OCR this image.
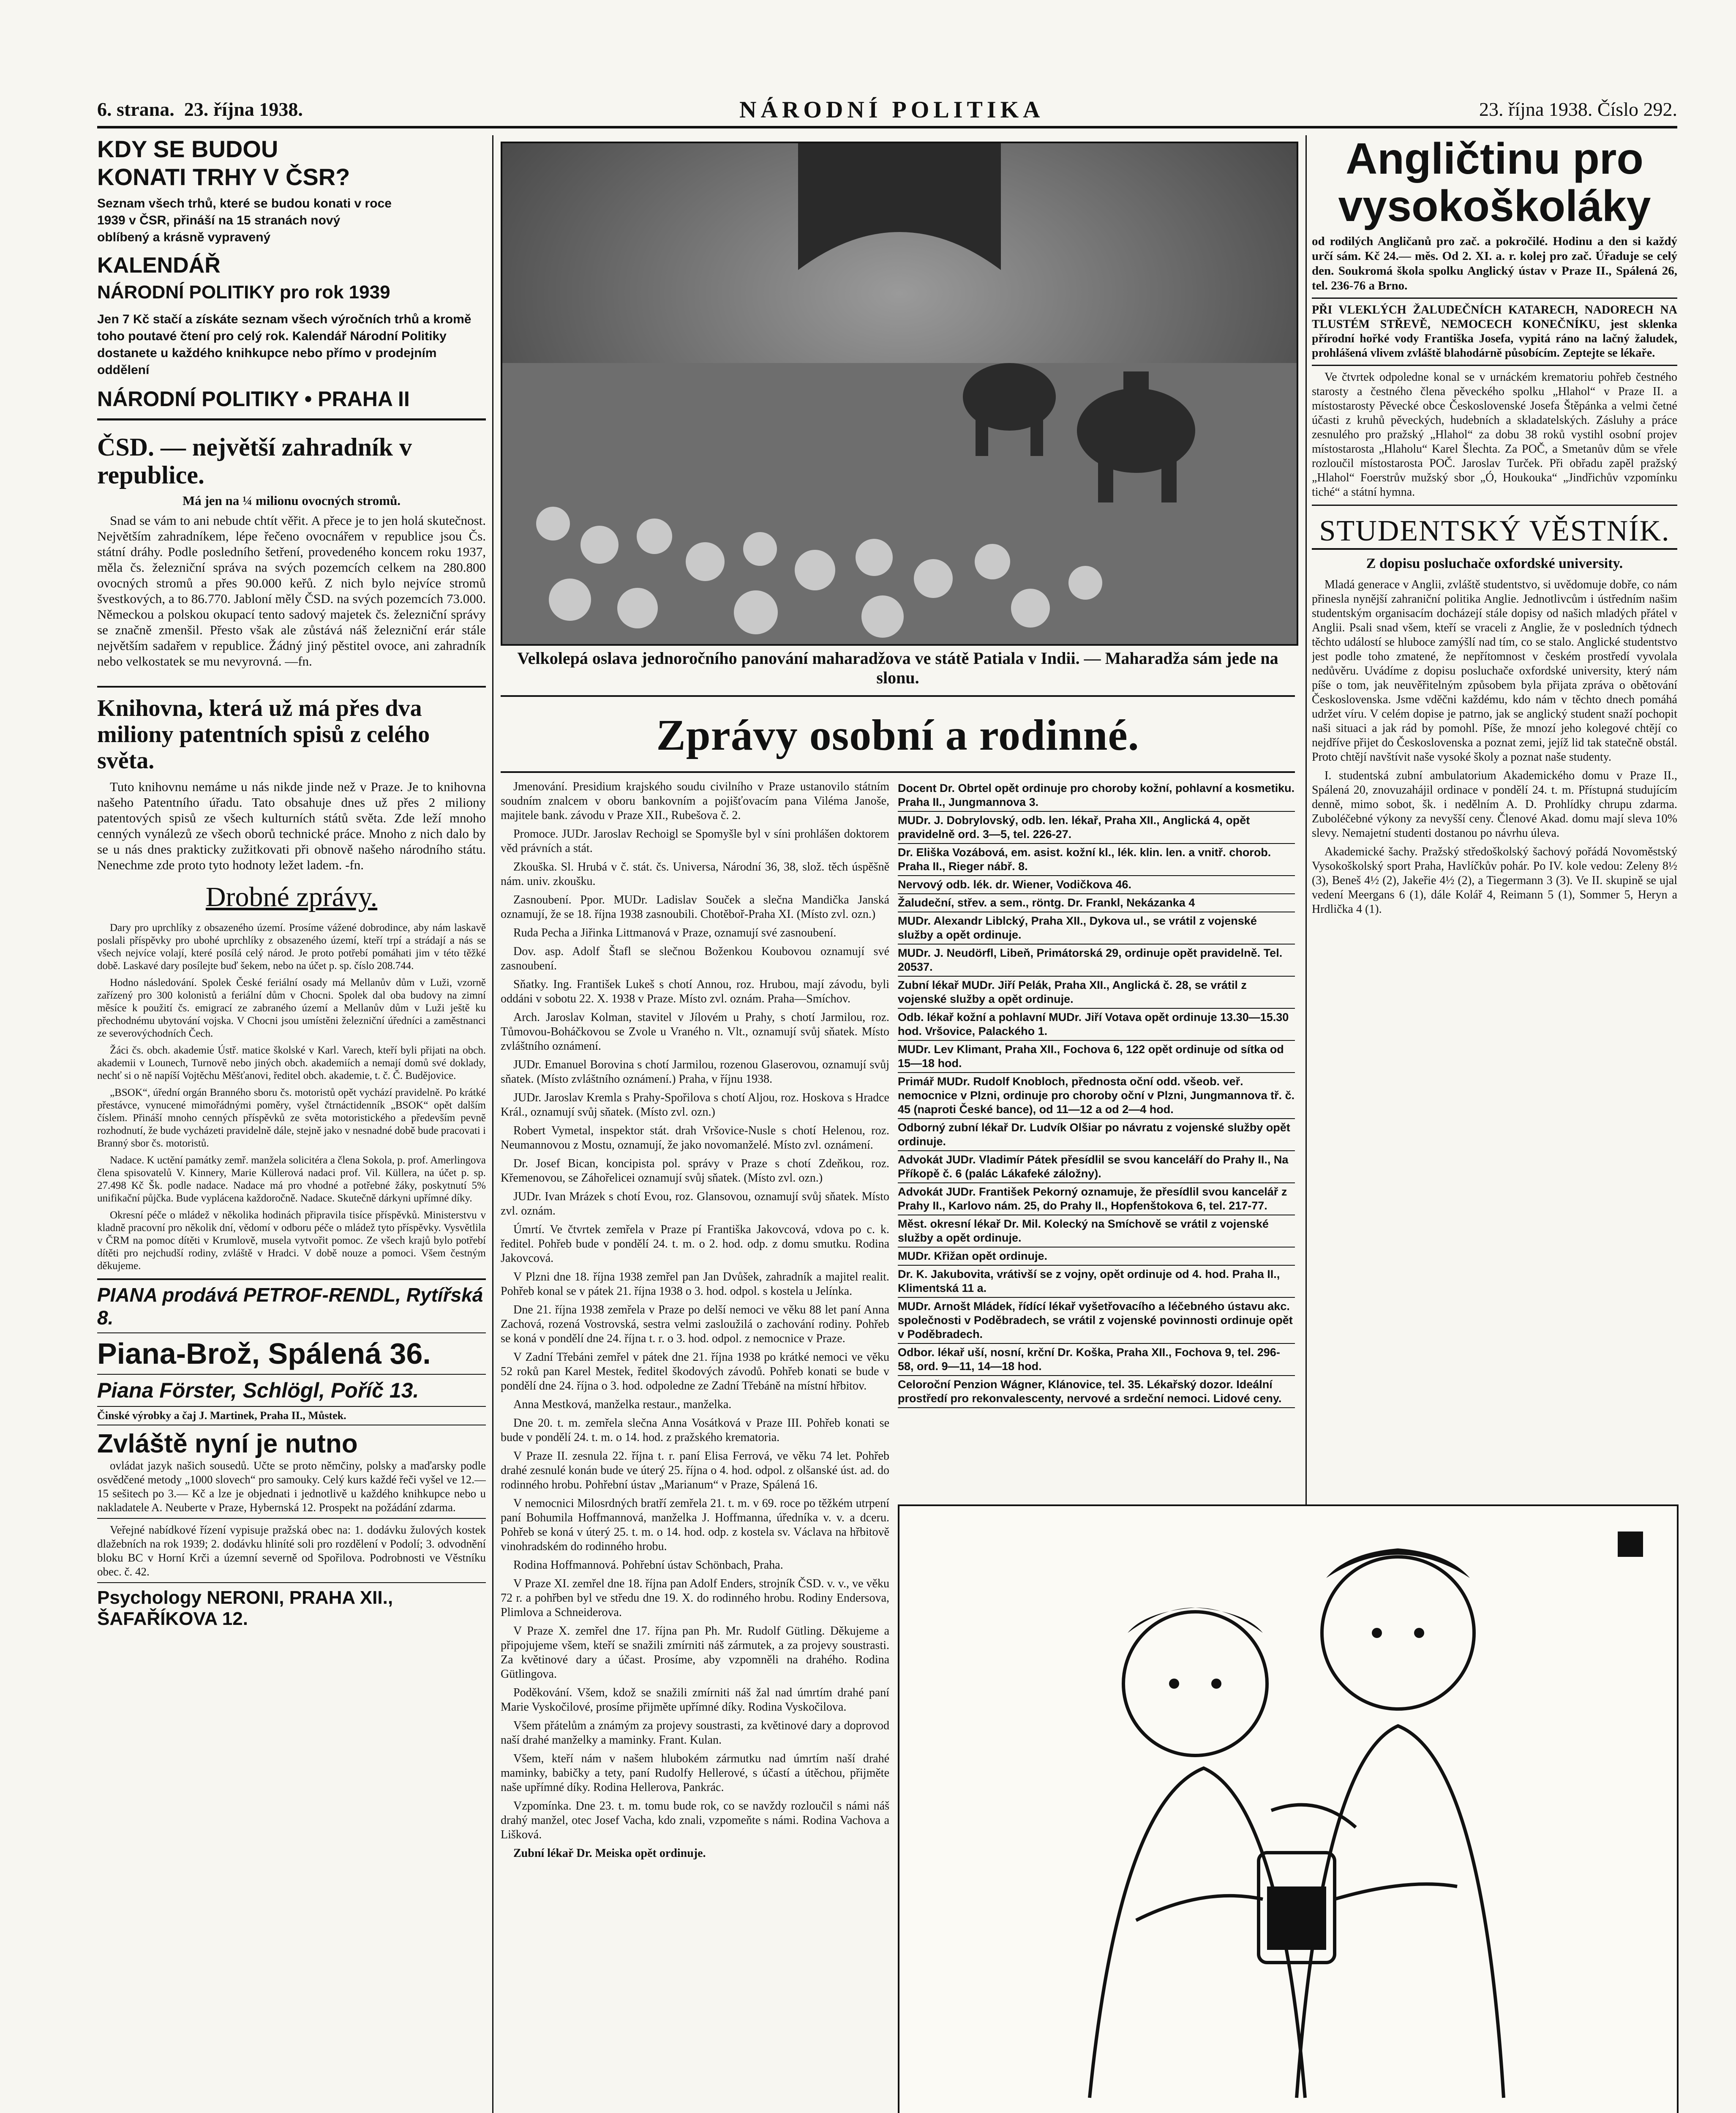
6. strana. 23. října 1938.	NÁRODNÍ POLITIKA	23. října 1938. Číslo 292.
KDY SE BUDOU
KONATI TRHY V ČSR?
Seznam všech trhů, které se budou konati v roce 1939 v ČSR, přináší na 15 stranách nový oblíbený a krásně vypravený
KALENDÁŘ
NÁRODNÍ POLITIKY pro rok 1939
Jen 7 Kč stačí a získáte seznam všech výročních trhů a kromě toho poutavé čtení pro celý rok. Kalendář Národní Politiky dostanete u každého knihkupce nebo přímo v prodejním oddělení
NÁRODNÍ POLITIKY • PRAHA II
ČSD. — největší zahradník v republice.
Má jen na ¼ milionu ovocných stromů.

Snad se vám to ani nebude chtít věřit. A přece je to jen holá skutečnost. Největším zahradníkem, lépe řečeno ovocnářem v republice jsou Čs. státní dráhy. Podle posledního šetření, provedeného koncem roku 1937, měla čs. železniční správa na svých pozemcích celkem na 280.800 ovocných stromů a přes 90.000 keřů. Z nich bylo nejvíce stromů švestkových, a to 86.770. Jabloní měly ČSD. na svých pozemcích 73.000. Německou a polskou okupací tento sadový majetek čs. železniční správy se značně zmenšil. Přesto však ale zůstává náš železniční erár stále největším sadařem v republice. Žádný jiný pěstitel ovoce, ani zahradník nebo velkostatek se mu nevyrovná. —fn.

Knihovna, která už má přes dva miliony patentních spisů z celého světa.

Tuto knihovnu nemáme u nás nikde jinde než v Praze. Je to knihovna našeho Patentního úřadu. Tato obsahuje dnes už přes 2 miliony patentových spisů ze všech kulturních států světa. Zde leží mnoho cenných vynálezů ze všech oborů technické práce. Mnoho z nich dalo by se u nás dnes prakticky zužitkovati při obnově našeho národního státu. Nenechme zde proto tyto hodnoty ležet ladem. -fn.

Drobné zprávy.

Dary pro uprchlíky z obsazeného území. Prosíme vážené dobrodince, aby nám laskavě poslali příspěvky pro ubohé uprchlíky z obsazeného území, kteří trpí a strádají a nás se všech nejvíce volají, které posílá celý národ. Je proto potřebí pomáhati jim v této těžké době. Laskavé dary posílejte buď šekem, nebo na účet p. sp. číslo 208.744.

Hodno následování. Spolek České feriální osady má Mellanův dům v Luži, vzorně zařízený pro 300 kolonistů a feriální dům v Chocni. Spolek dal oba budovy na zimní měsíce k použití čs. emigrací ze zabraného území a Mellanův dům v Luži ještě ku přechodnému ubytování vojska. V Chocni jsou umístěni železniční úředníci a zaměstnanci ze severovýchodních Čech.

Žáci čs. obch. akademie Ústř. matice školské v Karl. Varech, kteří byli přijati na obch. akademii v Lounech, Turnově nebo jiných obch. akademiích a nemají domů své doklady, nechť si o ně napíší Vojtěchu Měšťanovi, ředitel obch. akademie, t. č. Č. Budějovice.

„BSOK“, úřední orgán Branného sboru čs. motoristů opět vychází pravidelně. Po krátké přestávce, vynucené mimořádnými poměry, vyšel čtrnáctidenník „BSOK“ opět dalším číslem. Přináší mnoho cenných příspěvků ze světa motoristického a především pevně rozhodnutí, že bude vycházeti pravidelně dále, stejně jako v nesnadné době bude pracovati i Branný sbor čs. motoristů.

Nadace. K uctění památky zemř. manžela solicitéra a člena Sokola, p. prof. Amerlingova člena spisovatelů V. Kinnery, Marie Küllerová nadaci prof. Vil. Küllera, na účet p. sp. 27.498 Kč Šk. podle nadace. Nadace má pro vhodné a potřebné žáky, poskytnutí 5% unifikační půjčka. Bude vyplácena každoročně. Nadace. Skutečně dárkyni upřímné díky.

Okresní péče o mládež v několika hodinách připravila tisíce příspěvků. Ministerstvu v kladně pracovní pro několik dní, vědomí v odboru péče o mládež tyto příspěvky. Vysvětlila v ČRM na pomoc dítěti v Krumlově, musela vytvořit pomoc. Ze všech krajů bylo potřebí dítěti pro nejchudší rodiny, zvláště v Hradci. V době nouze a pomoci. Všem čestným děkujeme.

PIANA prodává PETROF-RENDL, Rytířská 8.
Piana-Brož, Spálená 36.
Piana Förster, Schlögl, Poříč 13.
Činské výrobky a čaj J. Martinek, Praha II., Můstek.
Zvláště nyní je nutno

ovládat jazyk našich sousedů. Učte se proto němčiny, polsky a maďarsky podle osvědčené metody „1000 slovech“ pro samouky. Celý kurs každé řeči vyšel ve 12.—15 sešitech po 3.— Kč a lze je objednati i jednotlivě u každého knihkupce nebo u nakladatele A. Neuberte v Praze, Hybernská 12. Prospekt na požádání zdarma.

Veřejné nabídkové řízení vypisuje pražská obec na: 1. dodávku žulových kostek dlažebních na rok 1939; 2. dodávku hliníté soli pro rozdělení v Podolí; 3. odvodnění bloku BC v Horní Krči a územní severně od Spořilova. Podrobnosti ve Věstníku obec. č. 42.

Psychology NERONI, PRAHA XII., ŠAFAŘÍKOVA 12.
Velkolepá oslava jednoročního panování maharadžova ve státě Patiala v Indii. — Maharadža sám jede na slonu.
Zprávy osobní a rodinné.

Jmenování. Presidium krajského soudu civilního v Praze ustanovilo státním soudním znalcem v oboru bankovním a pojišťovacím pana Viléma Janoše, majitele bank. závodu v Praze XII., Rubešova č. 2.

Promoce. JUDr. Jaroslav Rechoigl se Spomyšle byl v síni prohlášen doktorem věd právních a stát.

Zkouška. Sl. Hrubá v č. stát. čs. Universa, Národní 36, 38, slož. těch úspěšně nám. univ. zkoušku.

Zasnoubení. Ppor. MUDr. Ladislav Souček a slečna Mandička Janská oznamují, že se 18. října 1938 zasnoubili. Chotěboř-Praha XI. (Místo zvl. ozn.)

Ruda Pecha a Jiřinka Littmanová v Praze, oznamují své zasnoubení.

Dov. asp. Adolf Štafl se slečnou Boženkou Koubovou oznamují své zasnoubení.

Sňatky. Ing. František Lukeš s chotí Annou, roz. Hrubou, mají závodu, byli oddáni v sobotu 22. X. 1938 v Praze. Místo zvl. oznám. Praha—Smíchov.

Arch. Jaroslav Kolman, stavitel v Jílovém u Prahy, s chotí Jarmilou, roz. Tůmovou-Boháčkovou se Zvole u Vraného n. Vlt., oznamují svůj sňatek. Místo zvláštního oznámení.

JUDr. Emanuel Borovina s chotí Jarmilou, rozenou Glaserovou, oznamují svůj sňatek. (Místo zvláštního oznámení.) Praha, v říjnu 1938.

JUDr. Jaroslav Kremla s Prahy-Spořilova s chotí Aljou, roz. Hoskova s Hradce Král., oznamují svůj sňatek. (Místo zvl. ozn.)

Robert Vymetal, inspektor stát. drah Vršovice-Nusle s chotí Helenou, roz. Neumannovou z Mostu, oznamují, že jako novomanželé. Místo zvl. oznámení.

Dr. Josef Bican, koncipista pol. správy v Praze s chotí Zdeňkou, roz. Křemenovou, se Záhořelicei oznamují svůj sňatek. (Místo zvl. ozn.)

JUDr. Ivan Mrázek s chotí Evou, roz. Glansovou, oznamují svůj sňatek. Místo zvl. oznám.

Úmrtí. Ve čtvrtek zemřela v Praze pí Františka Jakovcová, vdova po c. k. ředitel. Pohřeb bude v pondělí 24. t. m. o 2. hod. odp. z domu smutku. Rodina Jakovcová.

V Plzni dne 18. října 1938 zemřel pan Jan Dvůšek, zahradník a majitel realit. Pohřeb konal se v pátek 21. října 1938 o 3. hod. odpol. s kostela u Jelínka.

Dne 21. října 1938 zemřela v Praze po delší nemoci ve věku 88 let paní Anna Zachová, rozená Vostrovská, sestra velmi zasloužilá o zachování rodiny. Pohřeb se koná v pondělí dne 24. října t. r. o 3. hod. odpol. z nemocnice v Praze.

V Zadní Třebáni zemřel v pátek dne 21. října 1938 po krátké nemoci ve věku 52 roků pan Karel Mestek, ředitel škodových závodů. Pohřeb konati se bude v pondělí dne 24. října o 3. hod. odpoledne ze Zadní Třebáně na místní hřbitov.

Anna Mestková, manželka restaur., manželka.

Dne 20. t. m. zemřela slečna Anna Vosátková v Praze III. Pohřeb konati se bude v pondělí 24. t. m. o 14. hod. z pražského krematoria.

V Praze II. zesnula 22. října t. r. paní Elisa Ferrová, ve věku 74 let. Pohřeb drahé zesnulé konán bude ve úterý 25. října o 4. hod. odpol. z olšanské úst. ad. do rodinného hrobu. Pohřební ústav „Marianum“ v Praze, Spálená 16.

V nemocnici Milosrdných bratří zemřela 21. t. m. v 69. roce po těžkém utrpení paní Bohumila Hoffmannová, manželka J. Hoffmanna, úředníka v. v. a dceru. Pohřeb se koná v úterý 25. t. m. o 14. hod. odp. z kostela sv. Václava na hřbitově vinohradském do rodinného hrobu.

Rodina Hoffmannová. Pohřební ústav Schönbach, Praha.

V Praze XI. zemřel dne 18. října pan Adolf Enders, strojník ČSD. v. v., ve věku 72 r. a pohřben byl ve středu dne 19. X. do rodinného hrobu. Rodiny Endersova, Plimlova a Schneiderova.

V Praze X. zemřel dne 17. října pan Ph. Mr. Rudolf Gütling. Děkujeme a připojujeme všem, kteří se snažili zmírniti náš zármutek, a za projevy soustrasti. Za květinové dary a účast. Prosíme, aby vzpomněli na drahého. Rodina Gütlingova.

Poděkování. Všem, kdož se snažili zmírniti náš žal nad úmrtím drahé paní Marie Vyskočilové, prosíme přijměte upřímné díky. Rodina Vyskočilova.

Všem přátelům a známým za projevy soustrasti, za květinové dary a doprovod naší drahé manželky a maminky. Frant. Kulan.

Všem, kteří nám v našem hlubokém zármutku nad úmrtím naší drahé maminky, babičky a tety, paní Rudolfy Hellerové, s účastí a útěchou, přijměte naše upřímné díky. Rodina Hellerova, Pankrác.

Vzpomínka. Dne 23. t. m. tomu bude rok, co se navždy rozloučil s námi náš drahý manžel, otec Josef Vacha, kdo znali, vzpomeňte s námi. Rodina Vachova a Lišková.

Zubní lékař Dr. Meiska opět ordinuje.

Docent Dr. Obrtel opět ordinuje pro choroby kožní, pohlavní a kosmetiku. Praha II., Jungmannova 3.
MUDr. J. Dobrylovský, odb. len. lékař, Praha XII., Anglická 4, opět pravidelně ord. 3—5, tel. 226-27.
Dr. Eliška Vozábová, em. asist. kožní kl., lék. klin. len. a vnitř. chorob. Praha II., Rieger nábř. 8.
Nervový odb. lék. dr. Wiener, Vodičkova 46.
Žaludeční, střev. a sem., röntg. Dr. Frankl, Nekázanka 4
MUDr. Alexandr Liblcký, Praha XII., Dykova ul., se vrátil z vojenské služby a opět ordinuje.
MUDr. J. Neudörfl, Libeň, Primátorská 29, ordinuje opět pravidelně. Tel. 20537.
Zubní lékař MUDr. Jiří Pelák, Praha XII., Anglická č. 28, se vrátil z vojenské služby a opět ordinuje.
Odb. lékař kožní a pohlavní MUDr. Jiří Votava opět ordinuje 13.30—15.30 hod. Vršovice, Palackého 1.
MUDr. Lev Klimant, Praha XII., Fochova 6, 122 opět ordinuje od sítka od 15—18 hod.
Primář MUDr. Rudolf Knobloch, přednosta oční odd. všeob. veř. nemocnice v Plzni, ordinuje pro choroby oční v Plzni, Jungmannova tř. č. 45 (naproti České bance), od 11—12 a od 2—4 hod.
Odborný zubní lékař Dr. Ludvík Olšiar po návratu z vojenské služby opět ordinuje.
Advokát JUDr. Vladimír Pátek přesídlil se svou kanceláří do Prahy II., Na Příkopě č. 6 (palác Lákafeké záložny).
Advokát JUDr. František Pekorný oznamuje, že přesídlil svou kancelář z Prahy II., Karlovo nám. 25, do Prahy II., Hopfenštokova 6, tel. 217-77.
Měst. okresní lékař Dr. Mil. Kolecký na Smíchově se vrátil z vojenské služby a opět ordinuje.
MUDr. Křižan opět ordinuje.
Dr. K. Jakubovita, vrátivší se z vojny, opět ordinuje od 4. hod. Praha II., Klimentská 11 a.
MUDr. Arnošt Mládek, řídící lékař vyšetřovacího a léčebného ústavu akc. společnosti v Poděbradech, se vrátil z vojenské povinnosti ordinuje opět v Poděbradech.
Odbor. lékař uší, nosní, krční Dr. Koška, Praha XII., Fochova 9, tel. 296-58, ord. 9—11, 14—18 hod.
Celoroční Penzion Wágner, Klánovice, tel. 35. Lékařský dozor. Ideální prostředí pro rekonvalescenty, nervové a srdeční nemoci. Lidové ceny.
Angličtinu pro vysokoškoláky

od rodilých Angličanů pro zač. a pokročilé. Hodinu a den si každý určí sám. Kč 24.— měs. Od 2. XI. a. r. kolej pro zač. Úřaduje se celý den. Soukromá škola spolku Anglický ústav v Praze II., Spálená 26, tel. 236-76 a Brno.

PŘI VLEKLÝCH ŽALUDEČNÍCH KATARECH, NADORECH NA TLUSTÉM STŘEVĚ, NEMOCECH KONEČNÍKU, jest sklenka přírodní hořké vody Františka Josefa, vypitá ráno na lačný žaludek, prohlášená vlivem zvláště blahodárně působícím. Zeptejte se lékaře.

Ve čtvrtek odpoledne konal se v urnáckém krematoriu pohřeb čestného starosty a čestného člena pěveckého spolku „Hlahol“ v Praze II. a místostarosty Pěvecké obce Československé Josefa Štěpánka a velmi četné účasti z kruhů pěveckých, hudebních a skladatelských. Zásluhy a práce zesnulého pro pražský „Hlahol“ za dobu 38 roků vystihl osobní projev místostarosta „Hlaholu“ Karel Šlechta. Za POČ, a Smetanův dům se vřele rozloučil místostarosta POČ. Jaroslav Turček. Při obřadu zapěl pražský „Hlahol“ Foerstrův mužský sbor „Ó, Houkouka“ „Jindřichův vzpomínku tiché“ a státní hymna.

STUDENTSKÝ VĚSTNÍK.
Z dopisu posluchače oxfordské university.

Mladá generace v Anglii, zvláště studentstvo, si uvědomuje dobře, co nám přinesla nynější zahraniční politika Anglie. Jednotlivcům i ústředním našim studentským organisacím docházejí stále dopisy od našich mladých přátel v Anglii. Psali snad všem, kteří se vraceli z Anglie, že v posledních týdnech těchto událostí se hluboce zamýšlí nad tím, co se stalo. Anglické studentstvo jest podle toho zmatené, že nepřítomnost v českém prostředí vyvolala nedůvěru. Uvádíme z dopisu posluchače oxfordské university, který nám píše o tom, jak neuvěřitelným způsobem byla přijata zpráva o obětování Československa. Jsme vděčni každému, kdo nám v těchto dnech pomáhá udržet víru. V celém dopise je patrno, jak se anglický student snaží pochopit naši situaci a jak rád by pomohl. Píše, že mnozí jeho kolegové chtějí co nejdříve přijet do Československa a poznat zemi, jejíž lid tak statečně obstál. Proto chtějí navštívit naše vysoké školy a poznat naše studenty.

I. studentská zubní ambulatorium Akademického domu v Praze II., Spálená 20, znovuzahájil ordinace v pondělí 24. t. m. Přístupná studujícím denně, mimo sobot, šk. i nedělním A. D. Prohlídky chrupu zdarma. Zuboléčebné výkony za nevyšší ceny. Členové Akad. domu mají sleva 10% slevy. Nemajetní studenti dostanou po návrhu úleva.

Akademické šachy. Pražský středoškolský šachový pořádá Novoměstský Vysokoškolský sport Praha, Havlíčkův pohár. Po IV. kole vedou: Zeleny 8½ (3), Beneš 4½ (2), Jakeřie 4½ (2), a Tiegermann 3 (3). Ve II. skupině se ujal vedení Meergans 6 (1), dále Kolář 4, Reimann 5 (1), Sommer 5, Heryn a Hrdlička 4 (1).
